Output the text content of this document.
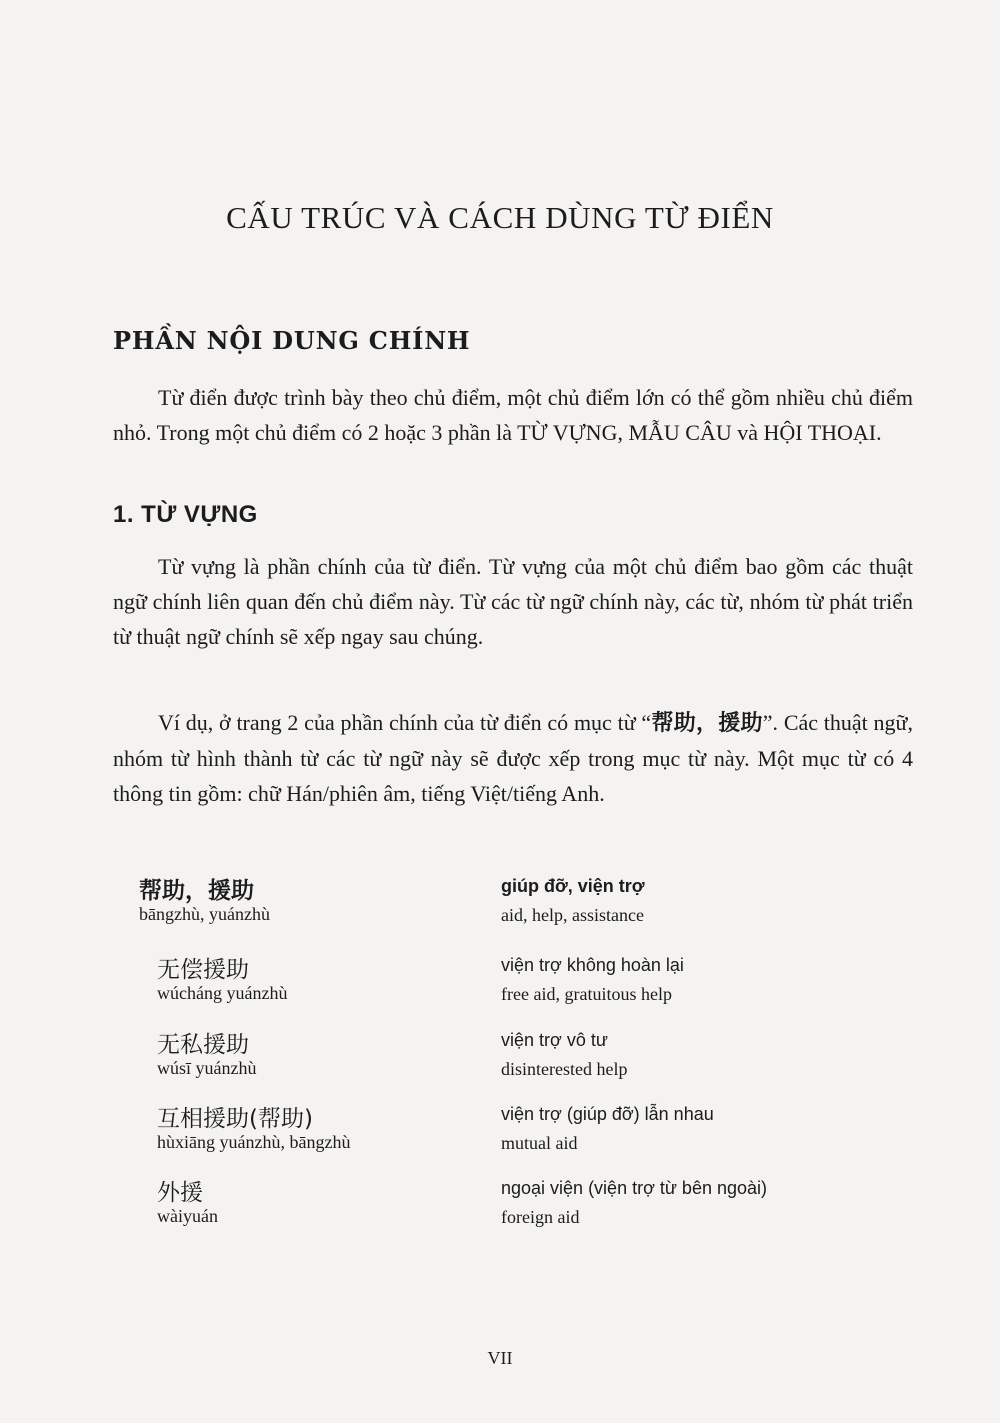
CẤU TRÚC VÀ CÁCH DÙNG TỪ ĐIỂN
PHẦN NỘI DUNG CHÍNH

Từ điển được trình bày theo chủ điểm, một chủ điểm lớn có thể gồm nhiều chủ điểm nhỏ. Trong một chủ điểm có 2 hoặc 3 phần là TỪ VỰNG, MẪU CÂU và HỘI THOẠI.

1. TỪ VỰNG

Từ vựng là phần chính của từ điển. Từ vựng của một chủ điểm bao gồm các thuật ngữ chính liên quan đến chủ điểm này. Từ các từ ngữ chính này, các từ, nhóm từ phát triển từ thuật ngữ chính sẽ xếp ngay sau chúng.

Ví dụ, ở trang 2 của phần chính của từ điển có mục từ “帮助，援助”. Các thuật ngữ, nhóm từ hình thành từ các từ ngữ này sẽ được xếp trong mục từ này. Một mục từ có 4 thông tin gồm: chữ Hán/phiên âm, tiếng Việt/tiếng Anh.

帮助，援助
bāngzhù, yuánzhù
giúp đỡ, viện trợ
aid, help, assistance
无偿援助
wúcháng yuánzhù
viện trợ không hoàn lại
free aid, gratuitous help
无私援助
wúsī yuánzhù
viện trợ vô tư
disinterested help
互相援助(帮助)
hùxiāng yuánzhù, bāngzhù
viện trợ (giúp đỡ) lẫn nhau
mutual aid
外援
wàiyuán
ngoại viện (viện trợ từ bên ngoài)
foreign aid

VII
